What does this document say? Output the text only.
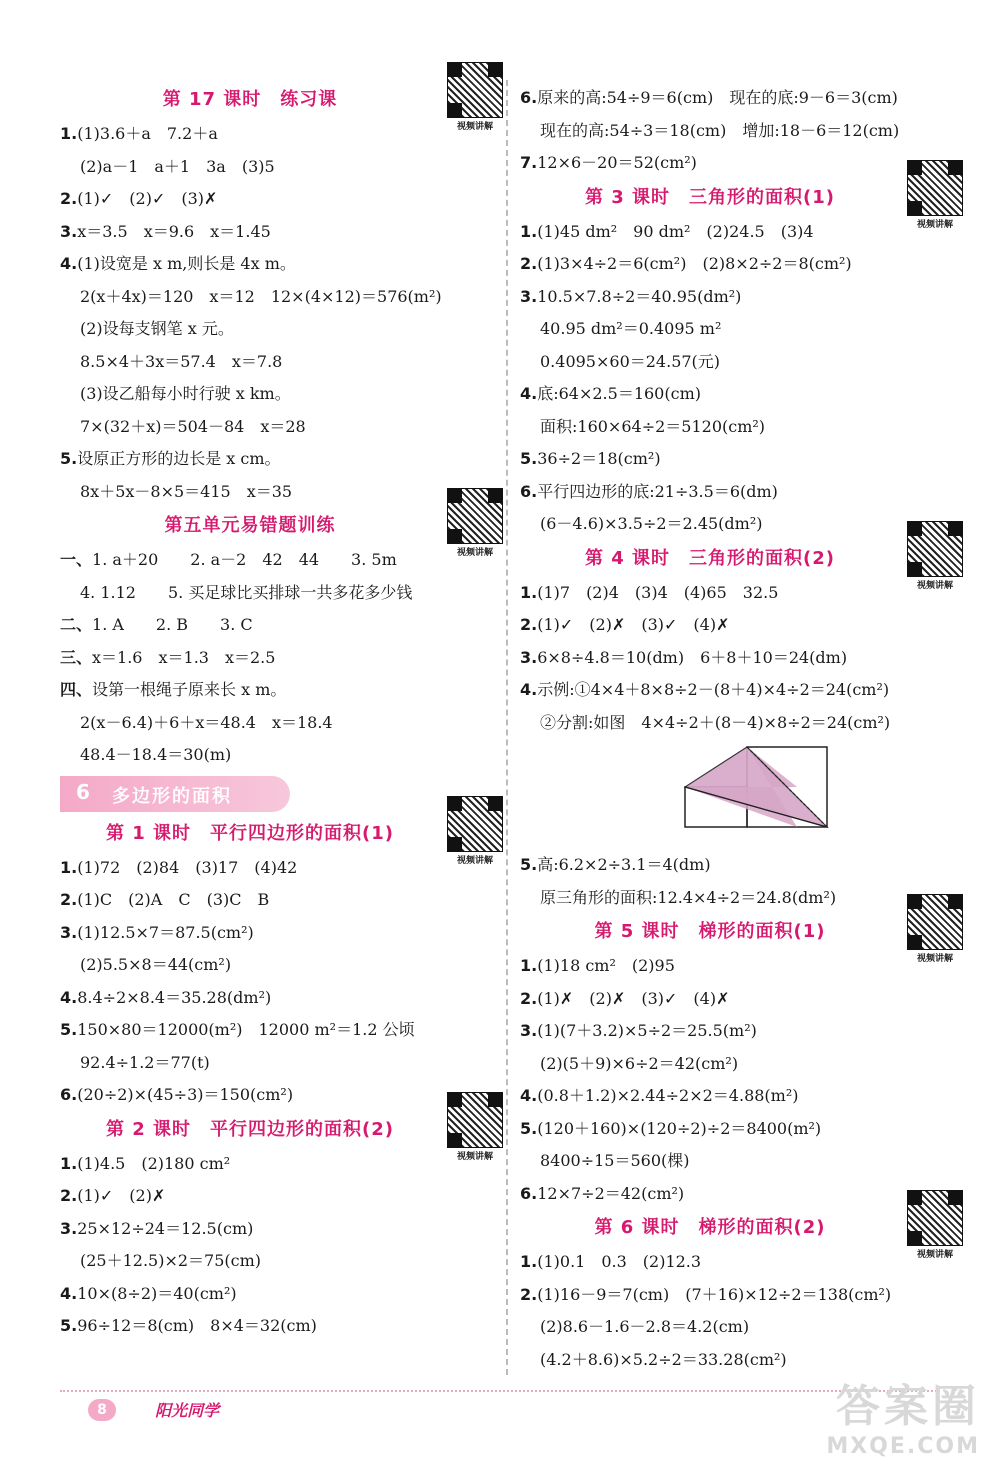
第 17 课时　练习课
视频讲解
1.(1)3.6＋a　7.2＋a
(2)a－1　a＋1　3a　(3)5
2.(1)✓　(2)✓　(3)✗
3.x＝3.5　x＝9.6　x＝1.45
4.(1)设宽是 x m,则长是 4x m。
2(x＋4x)＝120　x＝12　12×(4×12)＝576(m²)
(2)设每支钢笔 x 元。
8.5×4＋3x＝57.4　x＝7.8
(3)设乙船每小时行驶 x km。
7×(32＋x)＝504－84　x＝28
5.设原正方形的边长是 x cm。
8x＋5x－8×5＝415　x＝35
第五单元易错题训练
视频讲解
一、1. a＋20　　2. a－2　42　44　　3. 5m
4. 1.12　　5. 买足球比买排球一共多花多少钱
二、1. A　　2. B　　3. C
三、x＝1.6　x＝1.3　x＝2.5
四、设第一根绳子原来长 x m。
2(x－6.4)＋6＋x＝48.4　x＝18.4
48.4－18.4＝30(m)
6 多边形的面积
第 1 课时　平行四边形的面积(1)
视频讲解
1.(1)72　(2)84　(3)17　(4)42
2.(1)C　(2)A　C　(3)C　B
3.(1)12.5×7＝87.5(cm²)
(2)5.5×8＝44(cm²)
4.8.4÷2×8.4＝35.28(dm²)
5.150×80＝12000(m²)　12000 m²＝1.2 公顷
92.4÷1.2＝77(t)
6.(20÷2)×(45÷3)＝150(cm²)
第 2 课时　平行四边形的面积(2)
视频讲解
1.(1)4.5　(2)180 cm²
2.(1)✓　(2)✗
3.25×12÷24＝12.5(cm)
(25＋12.5)×2＝75(cm)
4.10×(8÷2)＝40(cm²)
5.96÷12＝8(cm)　8×4＝32(cm)
6.原来的高:54÷9＝6(cm)　现在的底:9－6＝3(cm)
现在的高:54÷3＝18(cm)　增加:18－6＝12(cm)
7.12×6－20＝52(cm²)
第 3 课时　三角形的面积(1)
视频讲解
1.(1)45 dm²　90 dm²　(2)24.5　(3)4
2.(1)3×4÷2＝6(cm²)　(2)8×2÷2＝8(cm²)
3.10.5×7.8÷2＝40.95(dm²)
40.95 dm²＝0.4095 m²
0.4095×60＝24.57(元)
4.底:64×2.5＝160(cm)
面积:160×64÷2＝5120(cm²)
5.36÷2＝18(cm²)
6.平行四边形的底:21÷3.5＝6(dm)
(6－4.6)×3.5÷2＝2.45(dm²)
第 4 课时　三角形的面积(2)
视频讲解
1.(1)7　(2)4　(3)4　(4)65　32.5
2.(1)✓　(2)✗　(3)✓　(4)✗
3.6×8÷4.8＝10(dm)　6＋8＋10＝24(dm)
4.示例:①4×4＋8×8÷2－(8＋4)×4÷2＝24(cm²)
②分割:如图　4×4÷2＋(8－4)×8÷2＝24(cm²)
5.高:6.2×2÷3.1＝4(dm)
原三角形的面积:12.4×4÷2＝24.8(dm²)
第 5 课时　梯形的面积(1)
视频讲解
1.(1)18 cm²　(2)95
2.(1)✗　(2)✗　(3)✓　(4)✗
3.(1)(7＋3.2)×5÷2＝25.5(m²)
(2)(5＋9)×6÷2＝42(cm²)
4.(0.8＋1.2)×2.44÷2×2＝4.88(m²)
5.(120＋160)×(120÷2)÷2＝8400(m²)
8400÷15＝560(棵)
6.12×7÷2＝42(cm²)
第 6 课时　梯形的面积(2)
视频讲解
1.(1)0.1　0.3　(2)12.3
2.(1)16－9＝7(cm)　(7＋16)×12÷2＝138(cm²)
(2)8.6－1.6－2.8＝4.2(cm)
(4.2＋8.6)×5.2÷2＝33.28(cm²)
8	阳光同学	答案圈
MXQE.COM
